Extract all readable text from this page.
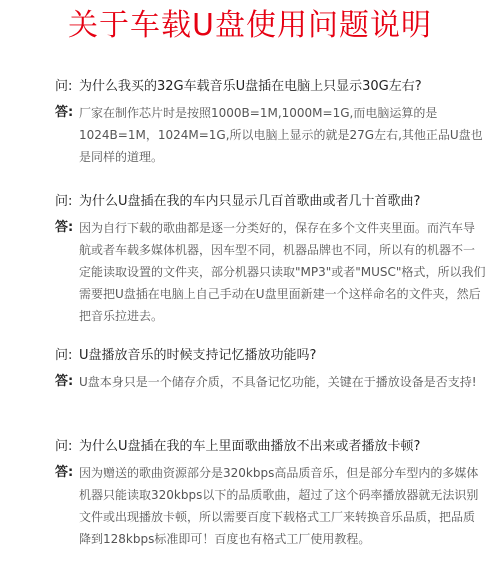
关于车载U盘使用问题说明
问: 为什么我买的32G车载音乐U盘插在电脑上只显示30G左右?
答: 厂家在制作芯片时是按照1000B=1M,1000M=1G,而电脑运算的是1024B=1M，1024M=1G,所以电脑上显示的就是27G左右,其他正品U盘也是同样的道理。
问: 为什么U盘插在我的车内只显示几百首歌曲或者几十首歌曲?
答: 因为自行下载的歌曲都是逐一分类好的，保存在多个文件夹里面。而汽车导航或者车载多媒体机器，因车型不同，机器品牌也不同，所以有的机器不一定能读取设置的文件夹，部分机器只读取"MP3"或者"MUSC"格式，所以我们需要把U盘插在电脑上自己手动在U盘里面新建一个这样命名的文件夹，然后把音乐拉进去。
问: U盘播放音乐的时候支持记忆播放功能吗?
答: U盘本身只是一个储存介质，不具备记忆功能，关键在于播放设备是否支持!
问: 为什么U盘插在我的车上里面歌曲播放不出来或者播放卡顿?
答: 因为赠送的歌曲资源部分是320kbps高品质音乐，但是部分车型内的多媒体机器只能读取320kbps以下的品质歌曲，超过了这个码率播放器就无法识别文件或出现播放卡顿，所以需要百度下载格式工厂来转换音乐品质，把品质降到128kbps标准即可！百度也有格式工厂使用教程。
